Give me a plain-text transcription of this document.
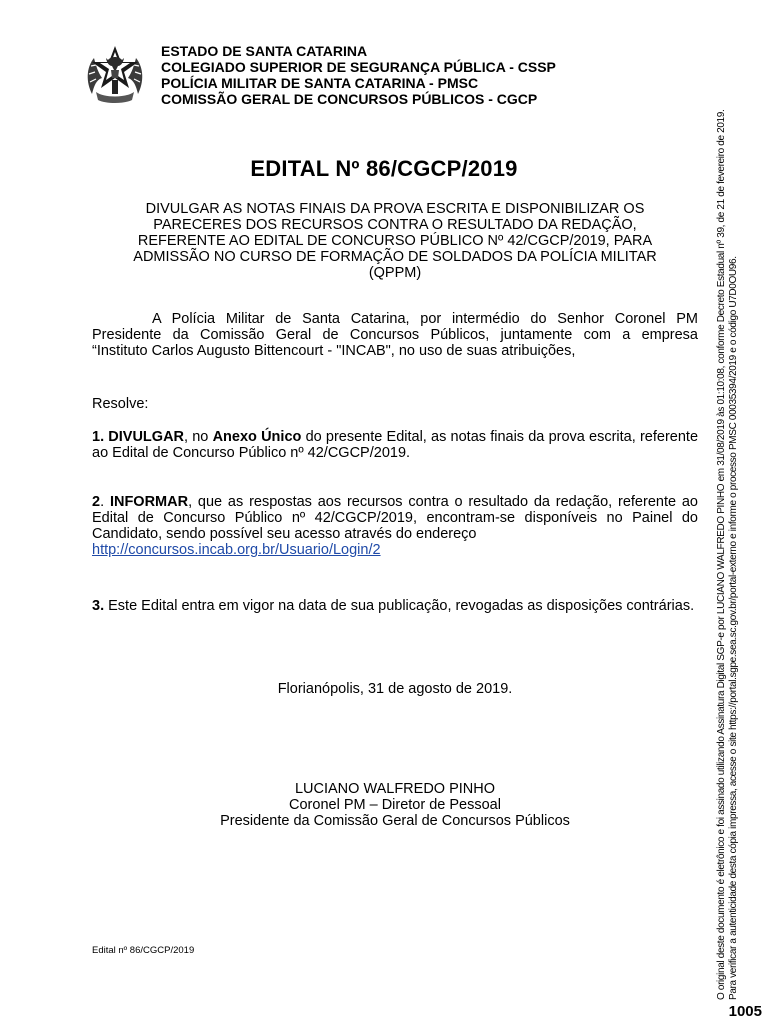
ESTADO DE SANTA CATARINA
COLEGIADO SUPERIOR DE SEGURANÇA PÚBLICA - CSSP
POLÍCIA MILITAR DE SANTA CATARINA - PMSC
COMISSÃO GERAL DE CONCURSOS PÚBLICOS - CGCP
EDITAL Nº 86/CGCP/2019
DIVULGAR AS NOTAS FINAIS DA PROVA ESCRITA E DISPONIBILIZAR OS PARECERES DOS RECURSOS CONTRA O RESULTADO DA REDAÇÃO, REFERENTE AO EDITAL DE CONCURSO PÚBLICO Nº 42/CGCP/2019, PARA ADMISSÃO NO CURSO DE FORMAÇÃO DE SOLDADOS DA POLÍCIA MILITAR (QPPM)
A Polícia Militar de Santa Catarina, por intermédio do Senhor Coronel PM
Presidente da Comissão Geral de Concursos Públicos, juntamente com a empresa
“Instituto Carlos Augusto Bittencourt - "INCAB", no uso de suas atribuições,
Resolve:
1. DIVULGAR, no Anexo Único do presente Edital, as notas finais da prova escrita, referente ao Edital de Concurso Público nº 42/CGCP/2019.
2. INFORMAR, que as respostas aos recursos contra o resultado da redação, referente ao Edital de Concurso Público nº 42/CGCP/2019, encontram-se disponíveis no Painel do Candidato, sendo possível seu acesso através do endereço
http://concursos.incab.org.br/Usuario/Login/2
3. Este Edital entra em vigor na data de sua publicação, revogadas as disposições contrárias.
Florianópolis, 31 de agosto de 2019.
LUCIANO WALFREDO PINHO
Coronel PM – Diretor de Pessoal
Presidente da Comissão Geral de Concursos Públicos
Edital nº 86/CGCP/2019	O original deste documento é eletrônico e foi assinado utilizando Assinatura Digital SGP-e por LUCIANO WALFREDO PINHO em 31/08/2019 às 01:10:08, conforme Decreto Estadual nº 39, de 21 de fevereiro de 2019. Para verificar a autenticidade desta cópia impressa, acesse o site https://portal.sgpe.sea.sc.gov.br/portal-externo e informe o processo PMSC 00035394/2019 e o código U7D0OU96.
1005
